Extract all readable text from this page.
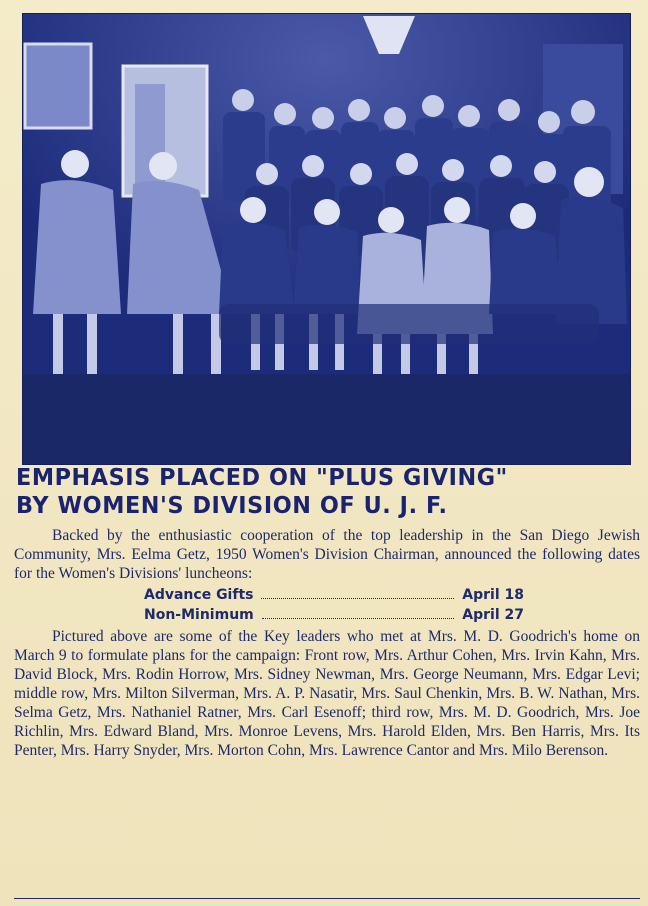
EMPHASIS PLACED ON "PLUS GIVING"
BY WOMEN'S DIVISION OF U. J. F.

Backed by the enthusiastic cooperation of the top leadership in the San Diego Jewish Community, Mrs. Eelma Getz, 1950 Women's Division Chairman, announced the following dates for the Women's Divisions' luncheons:

Advance Gifts	April 18
Non-Minimum	April 27

Pictured above are some of the Key leaders who met at Mrs. M. D. Goodrich's home on March 9 to formulate plans for the campaign: Front row, Mrs. Arthur Cohen, Mrs. Irvin Kahn, Mrs. David Block, Mrs. Rodin Horrow, Mrs. Sidney Newman, Mrs. George Neumann, Mrs. Edgar Levi; middle row, Mrs. Milton Silverman, Mrs. A. P. Nasatir, Mrs. Saul Chenkin, Mrs. B. W. Nathan, Mrs. Selma Getz, Mrs. Nathaniel Ratner, Mrs. Carl Esenoff; third row, Mrs. M. D. Goodrich, Mrs. Joe Richlin, Mrs. Edward Bland, Mrs. Monroe Levens, Mrs. Harold Elden, Mrs. Ben Harris, Mrs. Its Penter, Mrs. Harry Snyder, Mrs. Morton Cohn, Mrs. Lawrence Cantor and Mrs. Milo Berenson.
